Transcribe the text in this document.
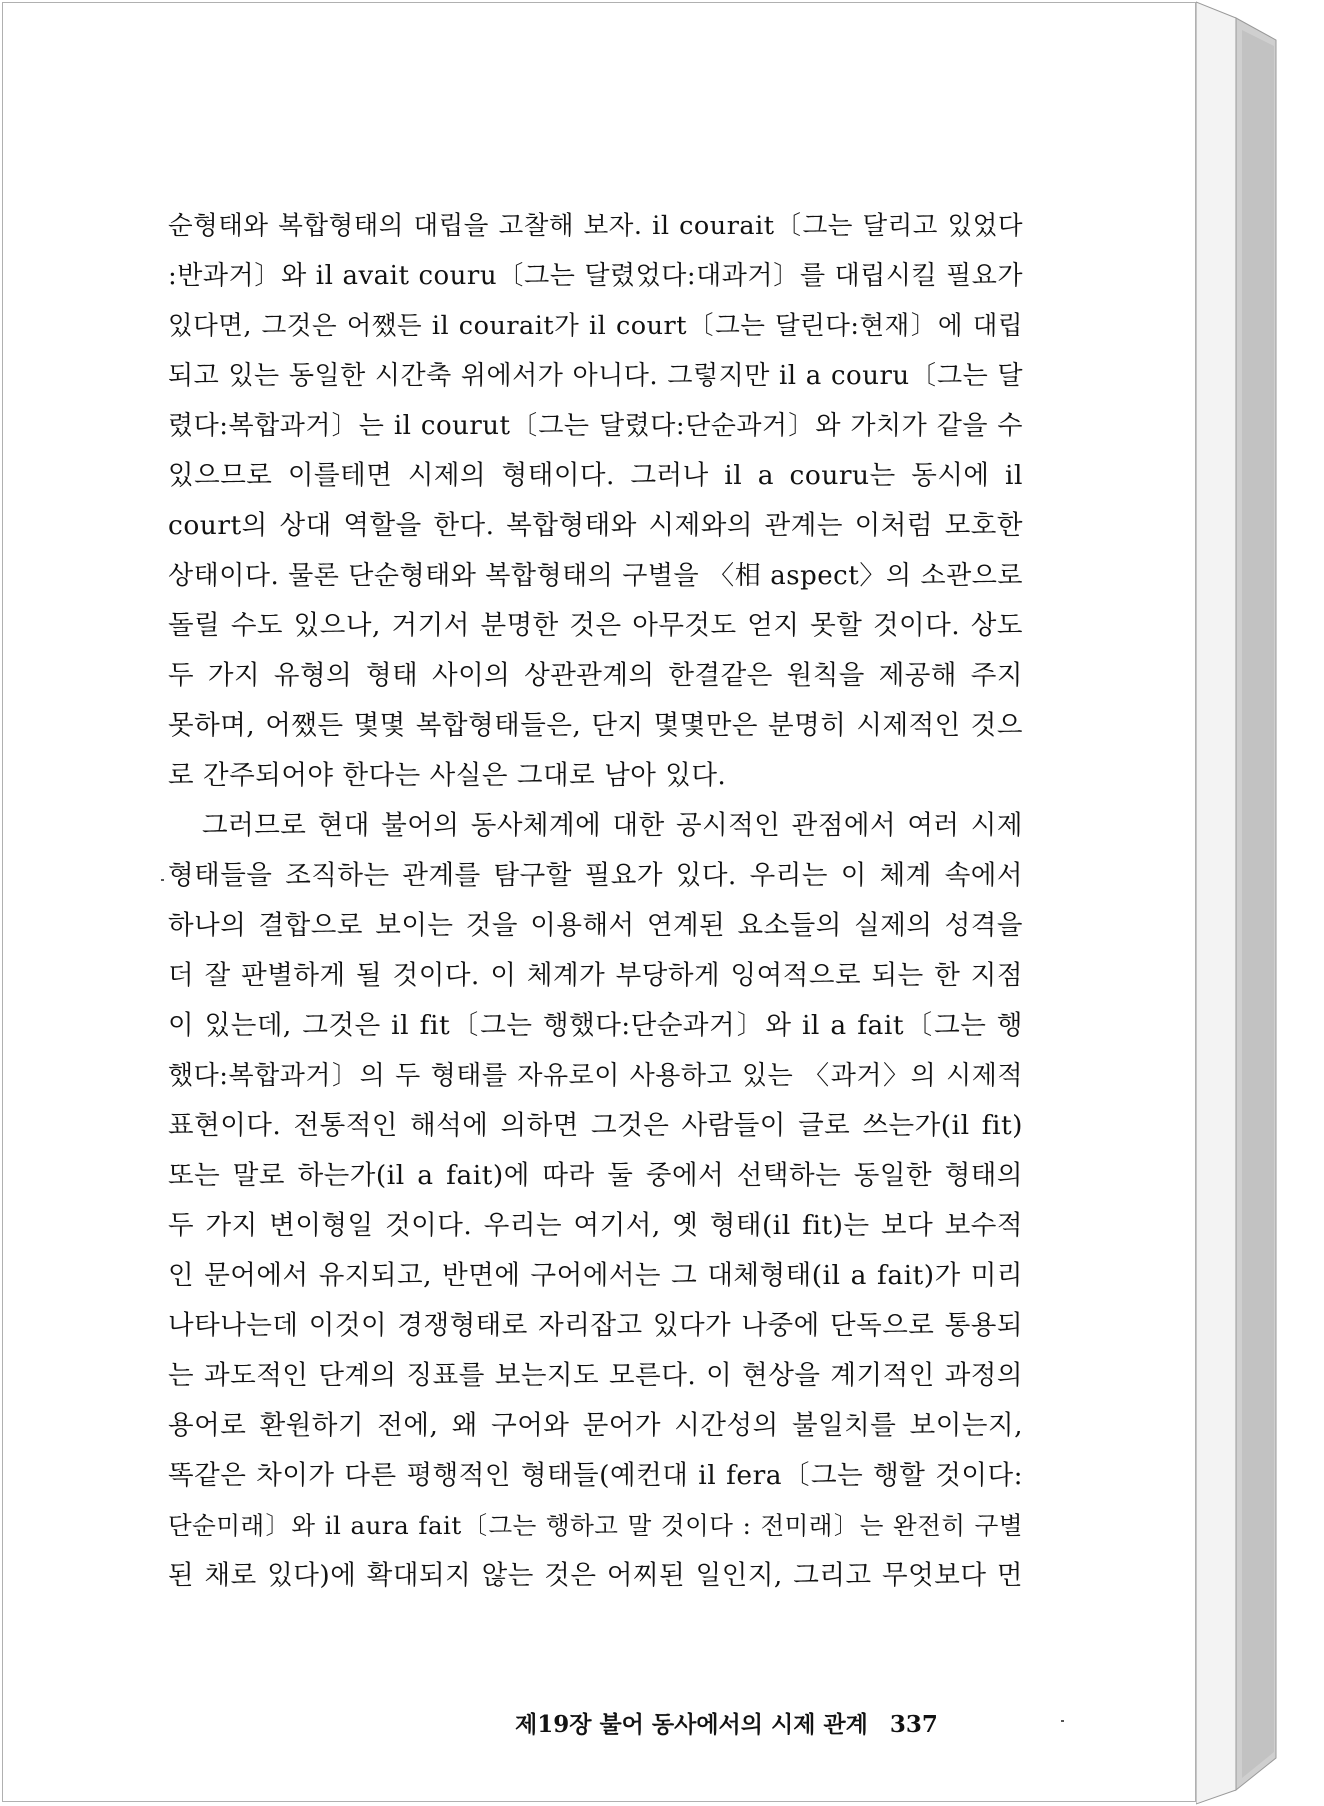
순형태와 복합형태의 대립을 고찰해 보자. il courait〔그는 달리고 있었다
:반과거〕와 il avait couru〔그는 달렸었다:대과거〕를 대립시킬 필요가
있다면, 그것은 어쨌든 il courait가 il court〔그는 달린다:현재〕에 대립
되고 있는 동일한 시간축 위에서가 아니다. 그렇지만 il a couru〔그는 달
렸다:복합과거〕는 il courut〔그는 달렸다:단순과거〕와 가치가 같을 수
있으므로 이를테면 시제의 형태이다. 그러나 il a couru는 동시에 il
court의 상대 역할을 한다. 복합형태와 시제와의 관계는 이처럼 모호한
상태이다. 물론 단순형태와 복합형태의 구별을 〈相 aspect〉의 소관으로
돌릴 수도 있으나, 거기서 분명한 것은 아무것도 얻지 못할 것이다. 상도
두 가지 유형의 형태 사이의 상관관계의 한결같은 원칙을 제공해 주지
못하며, 어쨌든 몇몇 복합형태들은, 단지 몇몇만은 분명히 시제적인 것으
로 간주되어야 한다는 사실은 그대로 남아 있다.
그러므로 현대 불어의 동사체계에 대한 공시적인 관점에서 여러 시제
형태들을 조직하는 관계를 탐구할 필요가 있다. 우리는 이 체계 속에서
하나의 결합으로 보이는 것을 이용해서 연계된 요소들의 실제의 성격을
더 잘 판별하게 될 것이다. 이 체계가 부당하게 잉여적으로 되는 한 지점
이 있는데, 그것은 il fit〔그는 행했다:단순과거〕와 il a fait〔그는 행
했다:복합과거〕의 두 형태를 자유로이 사용하고 있는 〈과거〉의 시제적
표현이다. 전통적인 해석에 의하면 그것은 사람들이 글로 쓰는가(il fit)
또는 말로 하는가(il a fait)에 따라 둘 중에서 선택하는 동일한 형태의
두 가지 변이형일 것이다. 우리는 여기서, 옛 형태(il fit)는 보다 보수적
인 문어에서 유지되고, 반면에 구어에서는 그 대체형태(il a fait)가 미리
나타나는데 이것이 경쟁형태로 자리잡고 있다가 나중에 단독으로 통용되
는 과도적인 단계의 징표를 보는지도 모른다. 이 현상을 계기적인 과정의
용어로 환원하기 전에, 왜 구어와 문어가 시간성의 불일치를 보이는지,
똑같은 차이가 다른 평행적인 형태들(예컨대 il fera〔그는 행할 것이다:
단순미래〕와 il aura fait〔그는 행하고 말 것이다 : 전미래〕는 완전히 구별
된 채로 있다)에 확대되지 않는 것은 어찌된 일인지, 그리고 무엇보다 먼
제19장 불어 동사에서의 시제 관계 337
